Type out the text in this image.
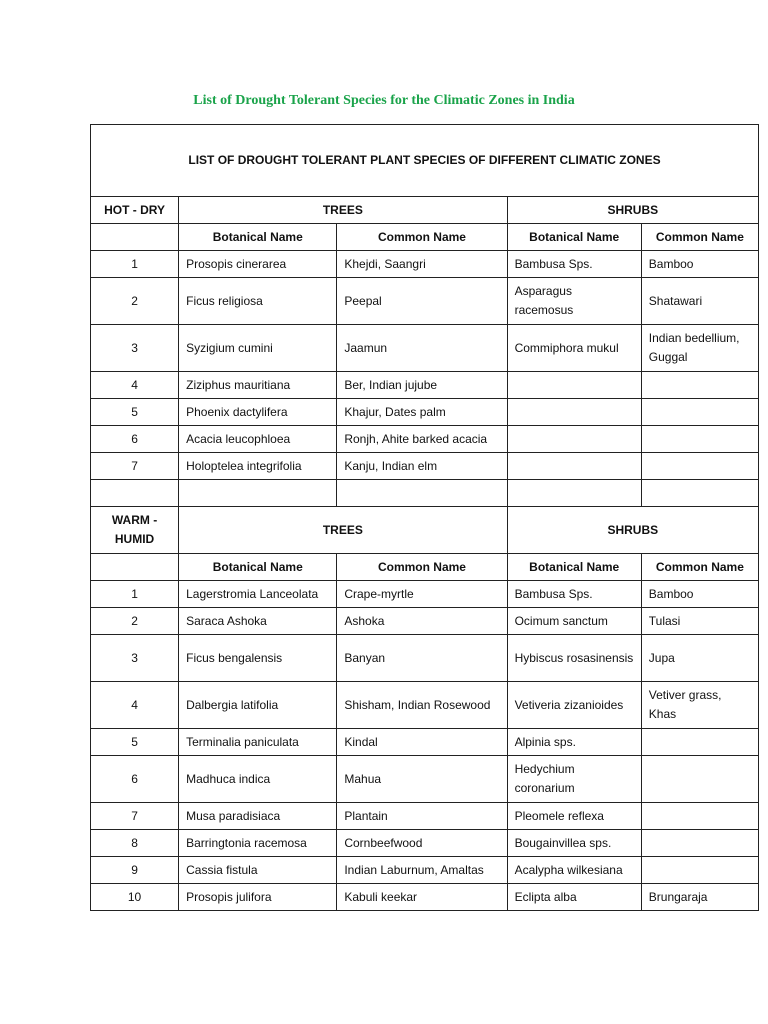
List of Drought Tolerant Species for the Climatic Zones in India
LIST OF DROUGHT TOLERANT PLANT SPECIES OF DIFFERENT CLIMATIC ZONES				

HOT - DRY	TREES		SHRUBS	
	Botanical Name	Common Name	Botanical Name	Common Name
1	Prosopis cinerarea	Khejdi, Saangri	Bambusa Sps.	Bamboo
2	Ficus religiosa	Peepal	Asparagus racemosus	Shatawari
3	Syzigium cumini	Jaamun	Commiphora mukul	Indian bedellium, Guggal
4	Ziziphus mauritiana	Ber, Indian jujube		
5	Phoenix dactylifera	Khajur, Dates palm		
6	Acacia leucophloea	Ronjh, Ahite barked acacia		
7	Holoptelea integrifolia	Kanju, Indian elm		

WARM -
HUMID	TREES		SHRUBS	
	Botanical Name	Common Name	Botanical Name	Common Name
1	Lagerstromia Lanceolata	Crape-myrtle	Bambusa Sps.	Bamboo
2	Saraca Ashoka	Ashoka	Ocimum sanctum	Tulasi
3	Ficus bengalensis	Banyan	Hybiscus rosasinensis	Jupa
4	Dalbergia latifolia	Shisham, Indian Rosewood	Vetiveria zizanioides	Vetiver grass, Khas
5	Terminalia paniculata	Kindal	Alpinia sps.	
6	Madhuca indica	Mahua	Hedychium coronarium	
7	Musa paradisiaca	Plantain	Pleomele reflexa	
8	Barringtonia racemosa	Cornbeefwood	Bougainvillea sps.	
9	Cassia fistula	Indian Laburnum, Amaltas	Acalypha wilkesiana	
10	Prosopis julifora	Kabuli keekar	Eclipta alba	Brungaraja
